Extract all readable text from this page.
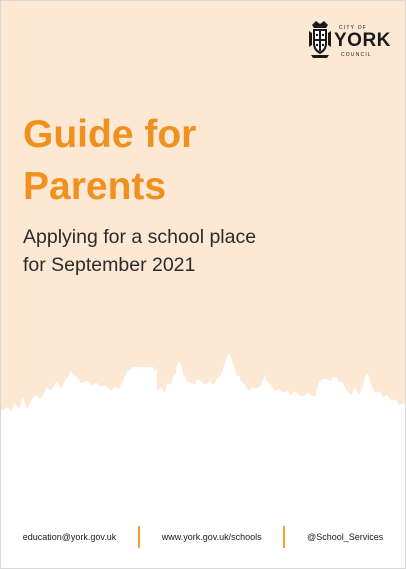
CITY OF
YORK
COUNCIL
Guide for
Parents
Applying for a school place
for September 2021
education@york.gov.uk	www.york.gov.uk/schools	@School_Services
